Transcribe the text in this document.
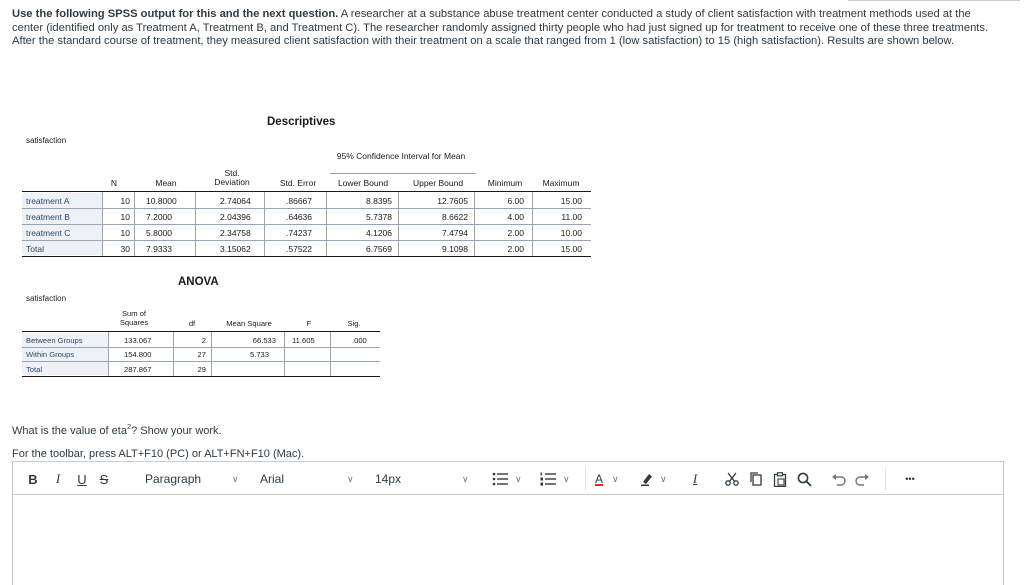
Use the following SPSS output for this and the next question. A researcher at a substance abuse treatment center conducted a study of client satisfaction with treatment methods used at the center (identified only as Treatment A, Treatment B, and Treatment C). The researcher randomly assigned thirty people who had just signed up for treatment to receive one of these three treatments. After the standard course of treatment, they measured client satisfaction with their treatment on a scale that ranged from 1 (low satisfaction) to 15 (high satisfaction). Results are shown below.
Descriptives
satisfaction
95% Confidence Interval for Mean
N	Mean
Std.
Deviation	Std. Error	Lower Bound	Upper Bound	Minimum	Maximum
treatment A	10 10.8000	2.74064	.86667	8.8395	12.7605	6.00	15.00
treatment B	10 7.2000	2.04396	.64636	5.7378	8.6622	4.00	11.00
treatment C	10 5.8000	2.34758	.74237	4.1206	7.4794	2.00	10.00
Total	30 7.9333	3.15062	.57522	6.7569	9.1098	2.00	15.00
ANOVA
satisfaction
Sum of
Squares	df	Mean Square	F	Sig.
Between Groups	133.067	2	66.533 11.605	.000
Within Groups	154.800	27	5.733
Total	287.867	29
What is the value of eta$^2$? Show your work.
For the toolbar, press ALT+F10 (PC) or ALT+FN+F10 (Mac).
B	I	U S	Paragraph	∨ Arial	∨ 14px	∨	∨	∨	A	∨	∨	I	•••
